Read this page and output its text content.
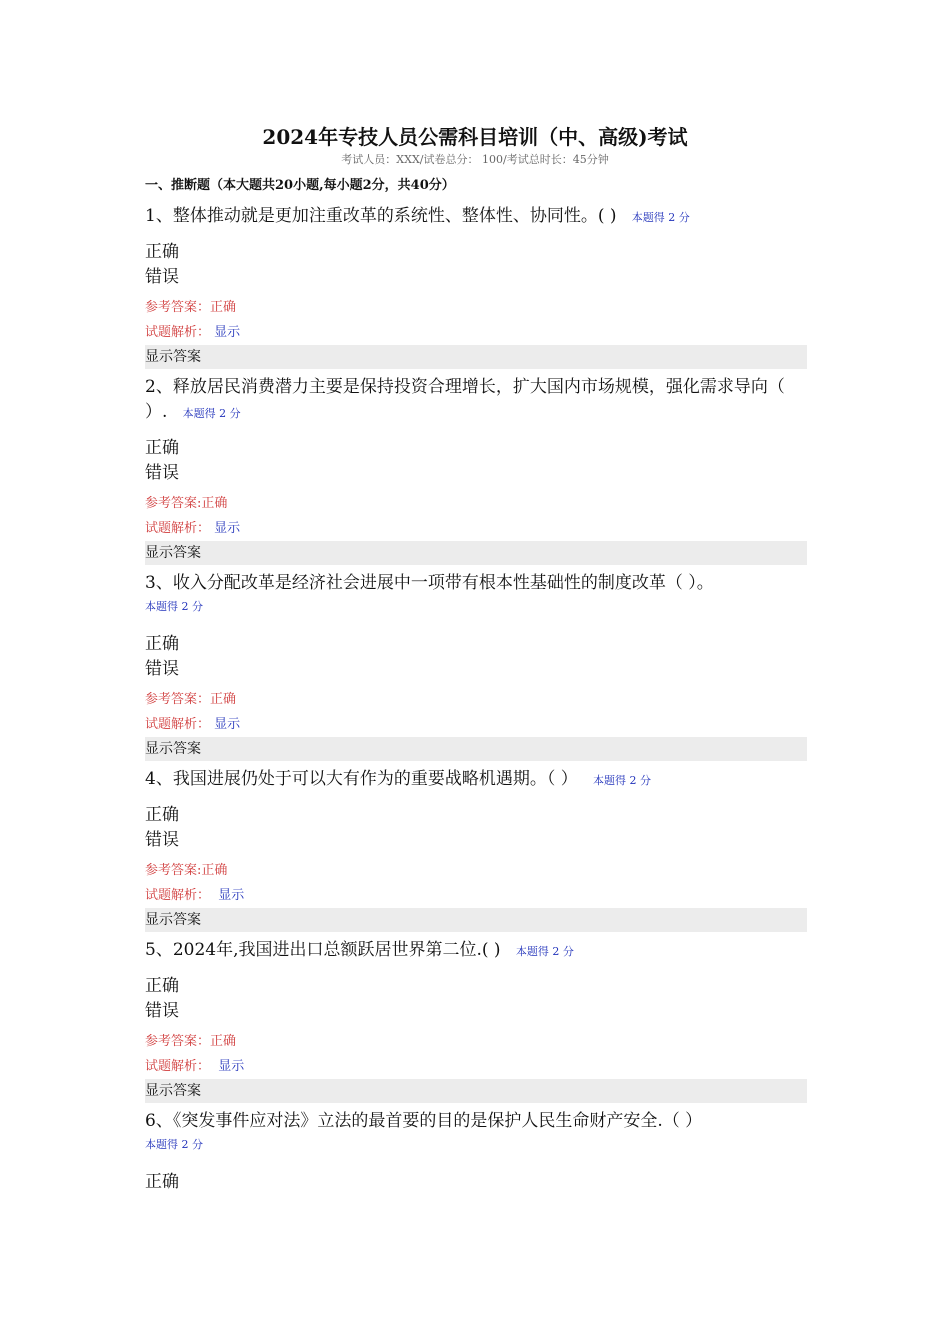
2024年专技人员公需科目培训（中、高级)考试
考试人员：XXX/试卷总分： 100/考试总时长：45分钟
一、推断题（本大题共20小题,每小题2分，共40分）
1、整体推动就是更加注重改革的系统性、整体性、协同性。( ) 本题得 2 分
正确
错误
参考答案：正确
试题解析： 显示
显示答案
2、释放居民消费潜力主要是保持投资合理增长，扩大国内市场规模，强化需求导向（ ）. 本题得 2 分
正确
错误
参考答案:正确
试题解析： 显示
显示答案
3、收入分配改革是经济社会进展中一项带有根本性基础性的制度改革（ ）。
本题得 2 分
正确
错误
参考答案：正确
试题解析： 显示
显示答案
4、我国进展仍处于可以大有作为的重要战略机遇期。（ ） 本题得 2 分
正确
错误
参考答案:正确
试题解析： 显示
显示答案
5、2024年,我国进出口总额跃居世界第二位.( ) 本题得 2 分
正确
错误
参考答案：正确
试题解析： 显示
显示答案
6、《突发事件应对法》立法的最首要的目的是保护人民生命财产安全.（ ）
本题得 2 分
正确
